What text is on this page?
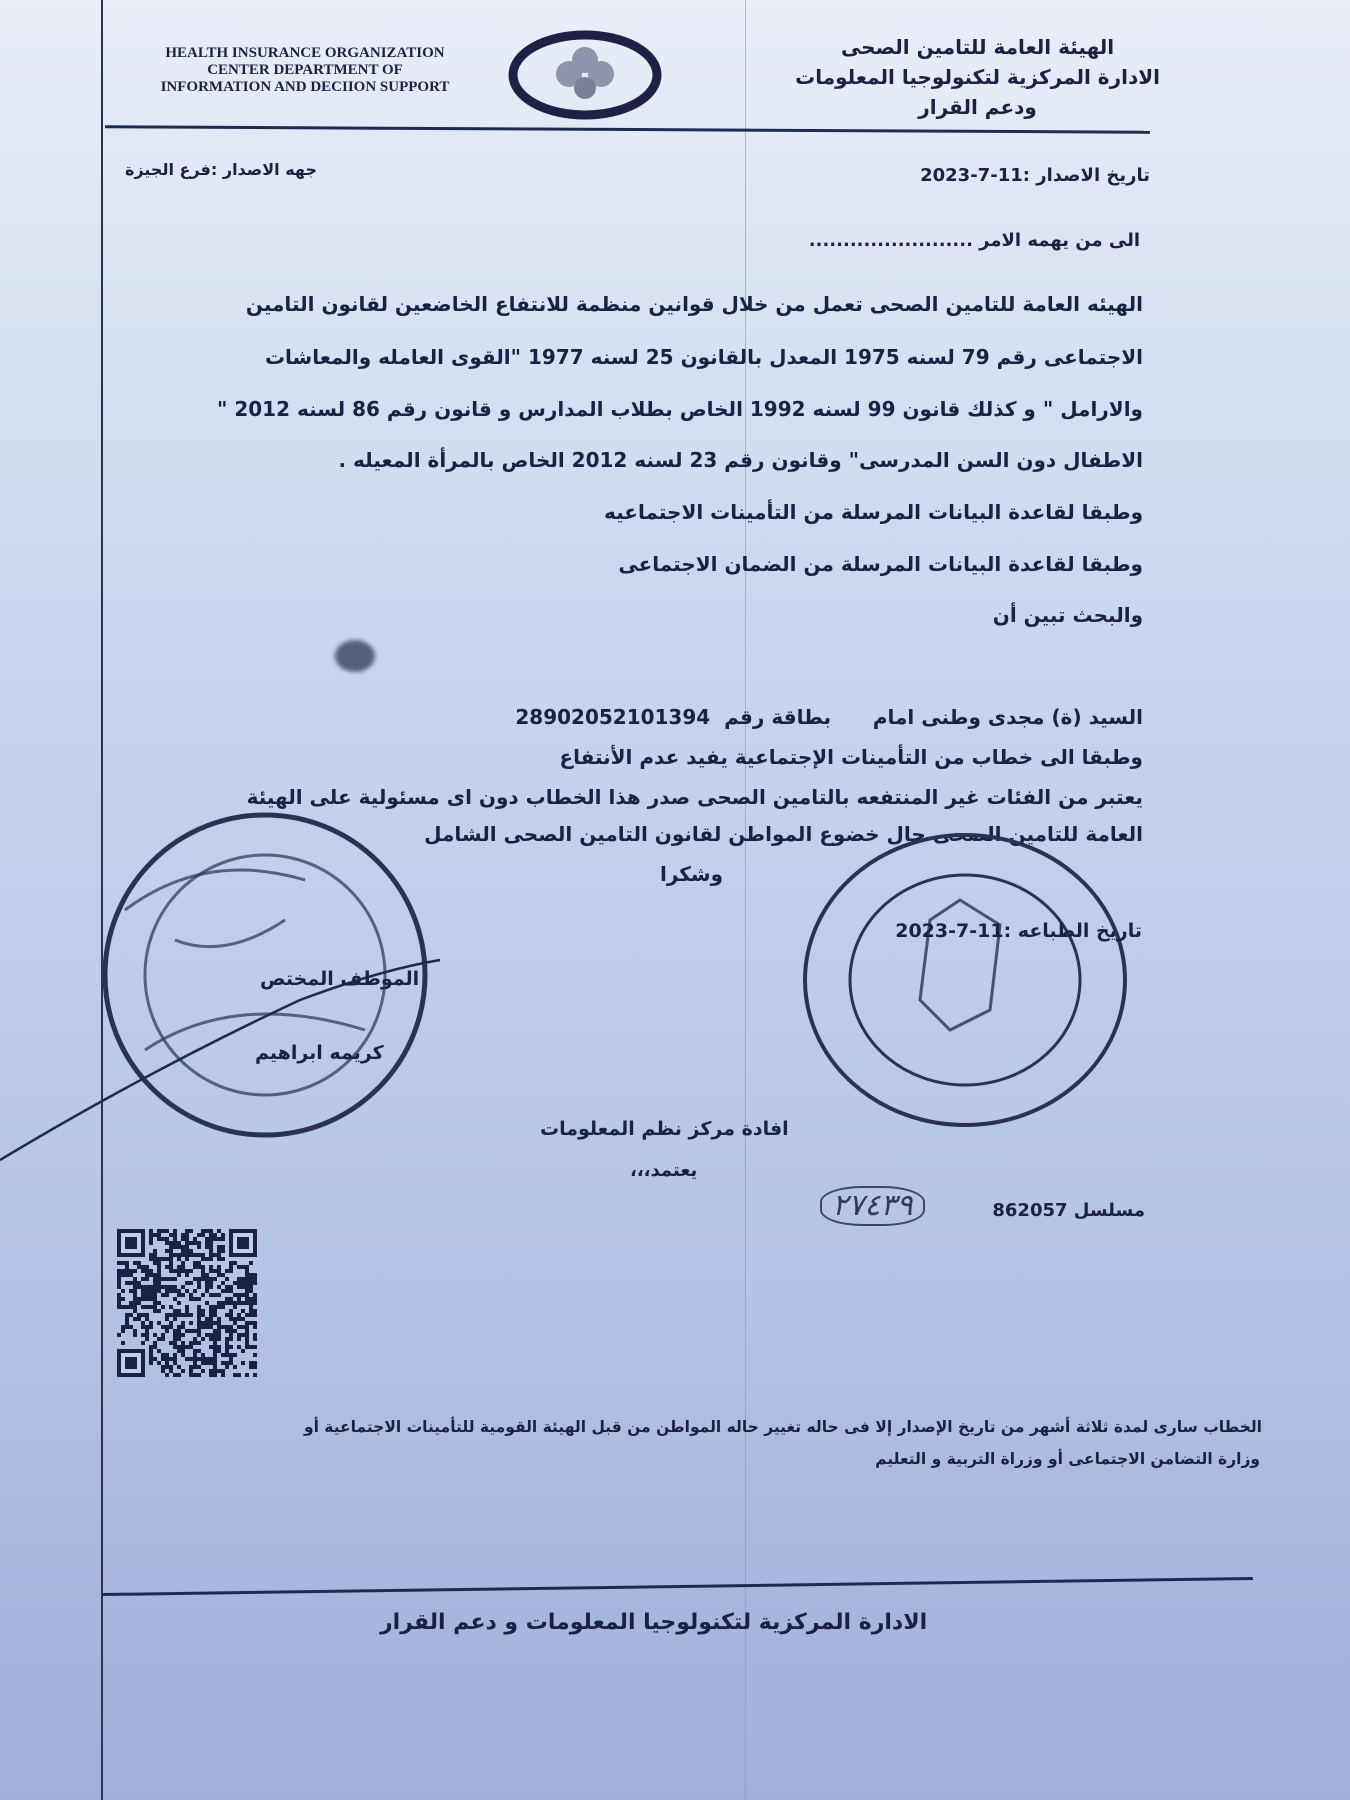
HEALTH INSURANCE ORGANIZATION
CENTER DEPARTMENT OF
INFORMATION AND DECIION SUPPORT
الهيئة العامة للتامين الصحى
الادارة المركزية لتكنولوجيا المعلومات
ودعم القرار
تاريخ الاصدار :11-7-2023
جهه الاصدار :فرع الجيزة
الى من يهمه الامر ........................
الهيئه العامة للتامين الصحى تعمل من خلال قوانين منظمة للانتفاع الخاضعين لقانون التامين
الاجتماعى رقم 79 لسنه 1975 المعدل بالقانون 25 لسنه 1977 "القوى العامله والمعاشات
والارامل " و كذلك قانون 99 لسنه 1992 الخاص بطلاب المدارس و قانون رقم 86 لسنه 2012 "
الاطفال دون السن المدرسى" وقانون رقم 23 لسنه 2012 الخاص بالمرأة المعيله .
وطبقا لقاعدة البيانات المرسلة من التأمينات الاجتماعيه
وطبقا لقاعدة البيانات المرسلة من الضمان الاجتماعى
والبحث تبين أن
السيد (ة) مجدى وطنى امام      بطاقة رقم  28902052101394
وطبقا الى خطاب من التأمينات الإجتماعية يفيد عدم الأنتفاع
يعتبر من الفئات غير المنتفعه بالتامين الصحى صدر هذا الخطاب دون اى مسئولية على الهيئة
العامة للتامين الصحى حال خضوع المواطن لقانون التامين الصحى الشامل
وشكرا
تاريخ الطباعه :11-7-2023
الموظف المختص
كريمه ابراهيم
افادة مركز نظم المعلومات
يعتمد،،،
٢٧٤٣٩	مسلسل 862057
الخطاب سارى لمدة ثلاثة أشهر من تاريخ الإصدار إلا فى حاله تغيير حاله المواطن من قبل الهيئة القومية للتأمينات الاجتماعية أو
وزارة التضامن الاجتماعى أو وزراة التربية و التعليم
الادارة المركزية لتكنولوجيا المعلومات و دعم القرار
